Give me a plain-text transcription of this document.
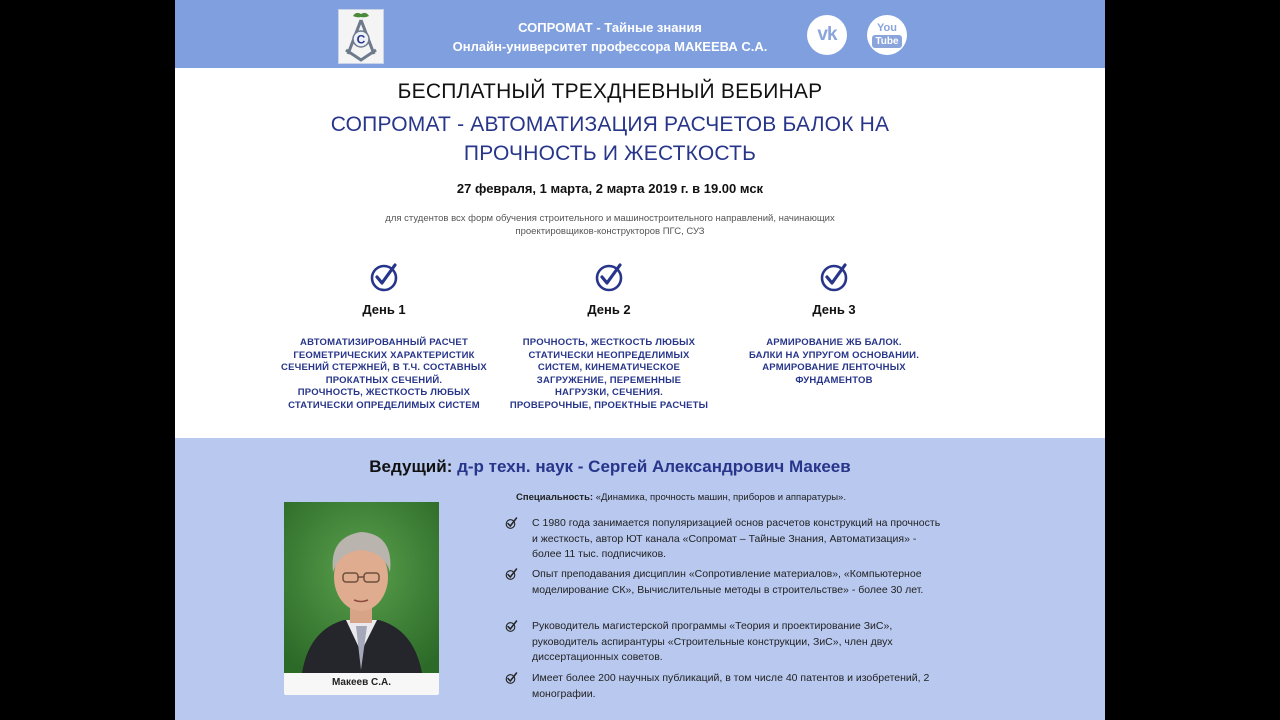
C
СОПРОМАТ - Тайные знания
Онлайн-университет профессора МАКЕЕВА С.А.
vk	You
Tube
БЕСПЛАТНЫЙ ТРЕХДНЕВНЫЙ ВЕБИНАР
СОПРОМАТ - АВТОМАТИЗАЦИЯ РАСЧЕТОВ БАЛОК НА ПРОЧНОСТЬ И ЖЕСТКОСТЬ
27 февраля, 1 марта, 2 марта 2019 г. в 19.00 мск
для студентов всх форм обучения строительного и машиностроительного направлений, начинающих проектировщиков-конструкторов ПГС, СУЗ
День 1
АВТОМАТИЗИРОВАННЫЙ РАСЧЕТ
ГЕОМЕТРИЧЕСКИХ ХАРАКТЕРИСТИК
СЕЧЕНИЙ СТЕРЖНЕЙ, В Т.Ч. СОСТАВНЫХ
ПРОКАТНЫХ СЕЧЕНИЙ.
ПРОЧНОСТЬ, ЖЕСТКОСТЬ ЛЮБЫХ
СТАТИЧЕСКИ ОПРЕДЕЛИМЫХ СИСТЕМ
День 2
ПРОЧНОСТЬ, ЖЕСТКОСТЬ ЛЮБЫХ
СТАТИЧЕСКИ НЕОПРЕДЕЛИМЫХ
СИСТЕМ, КИНЕМАТИЧЕСКОЕ
ЗАГРУЖЕНИЕ, ПЕРЕМЕННЫЕ
НАГРУЗКИ, СЕЧЕНИЯ.
ПРОВЕРОЧНЫЕ, ПРОЕКТНЫЕ РАСЧЕТЫ
День 3
АРМИРОВАНИЕ ЖБ БАЛОК.
БАЛКИ НА УПРУГОМ ОСНОВАНИИ.
АРМИРОВАНИЕ ЛЕНТОЧНЫХ
ФУНДАМЕНТОВ
Ведущий: д-р техн. наук - Сергей Александрович Макеев
Макеев С.А.
Специальность: «Динамика, прочность машин, приборов и аппаратуры».
С 1980 года занимается популяризацией основ расчетов конструкций на прочность и жесткость, автор ЮТ канала «Сопромат – Тайные Знания, Автоматизация» - более 11 тыс. подписчиков.
Опыт преподавания дисциплин «Сопротивление материалов», «Компьютерное моделирование СК», Вычислительные методы в строительстве» - более 30 лет.
Руководитель магистерской программы «Теория и проектирование ЗиС», руководитель аспирантуры «Строительные конструкции, ЗиС», член двух диссертационных советов.
Имеет более 200 научных публикаций, в том числе 40 патентов и изобретений, 2 монографии.
